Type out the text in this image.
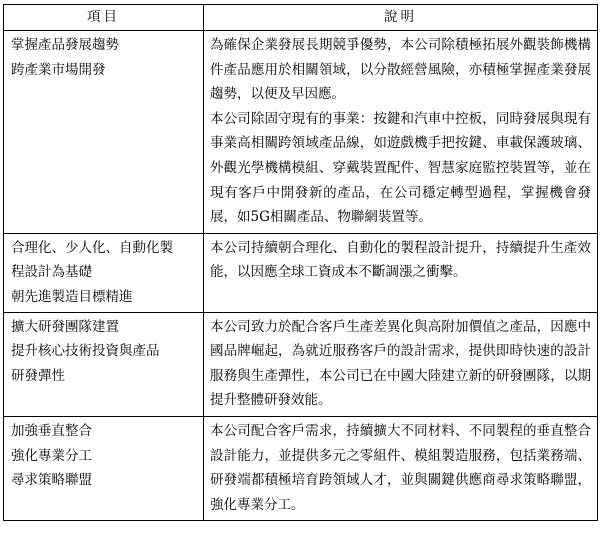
項目	說明

掌握產品發展趨勢
跨產業市場開發	為確保企業發展長期競爭優勢，本公司除積極拓展外觀裝飾機構件產品應用於相關領域，以分散經營風險，亦積極掌握產業發展趨勢，以便及早因應。
本公司除固守現有的事業：按鍵和汽車中控板，同時發展與現有事業高相關跨領域產品線，如遊戲機手把按鍵、車載保護玻璃、外觀光學機構模組、穿戴裝置配件、智慧家庭監控裝置等，並在現有客戶中開發新的產品，在公司穩定轉型過程，掌握機會發展，如5G相關產品、物聯網裝置等。

合理化、少人化、自動化製
程設計為基礎
朝先進製造目標精進	本公司持續朝合理化、自動化的製程設計提升，持續提升生產效能，以因應全球工資成本不斷調漲之衝擊。

擴大研發團隊建置
提升核心技術投資與產品
研發彈性	本公司致力於配合客戶生產差異化與高附加價值之產品，因應中國品牌崛起，為就近服務客戶的設計需求，提供即時快速的設計服務與生產彈性，本公司已在中國大陸建立新的研發團隊，以期提升整體研發效能。

加強垂直整合
強化專業分工
尋求策略聯盟	本公司配合客戶需求，持續擴大不同材料、不同製程的垂直整合設計能力，並提供多元之零組件、模組製造服務，包括業務端、研發端都積極培育跨領域人才，並與關鍵供應商尋求策略聯盟，強化專業分工。
